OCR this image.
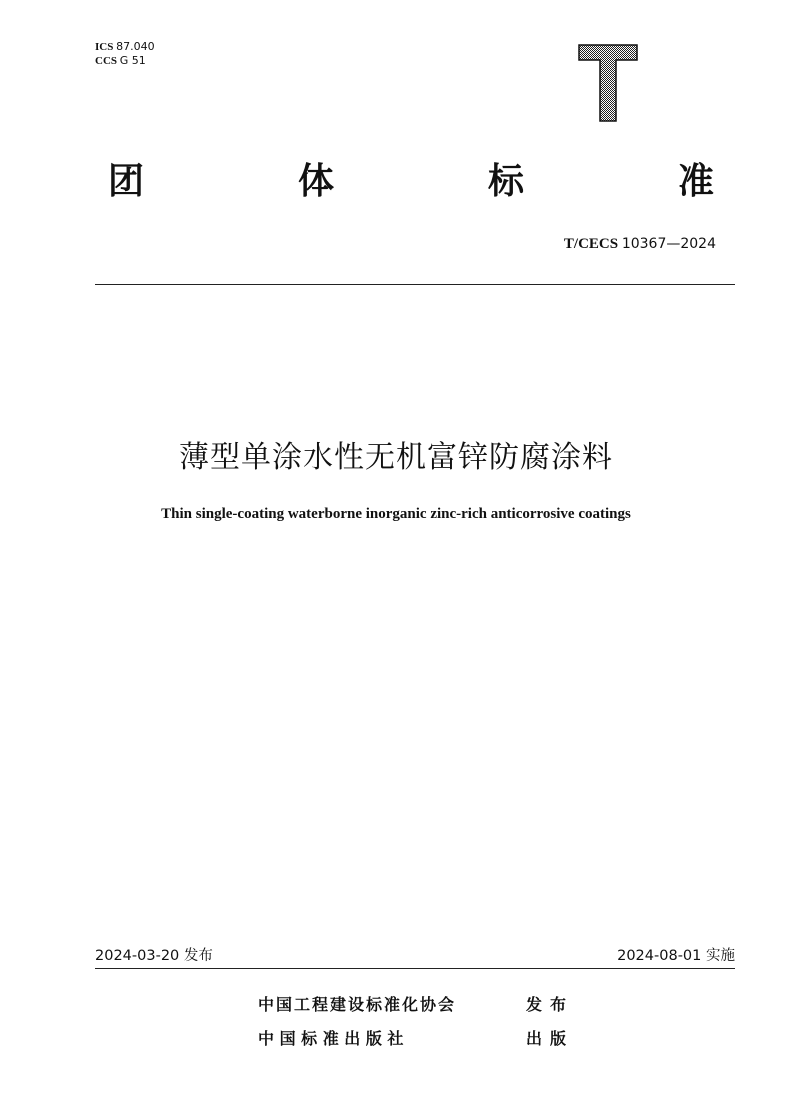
ICS 87.040
CCS G 51
团	体	标	准
T/CECS 10367—2024
薄型单涂水性无机富锌防腐涂料
Thin single-coating waterborne inorganic zinc-rich anticorrosive coatings
2024-03-20 发布	2024-08-01 实施
中国工程建设标准化协会	发布
中 国 标 准 出 版 社	出版
